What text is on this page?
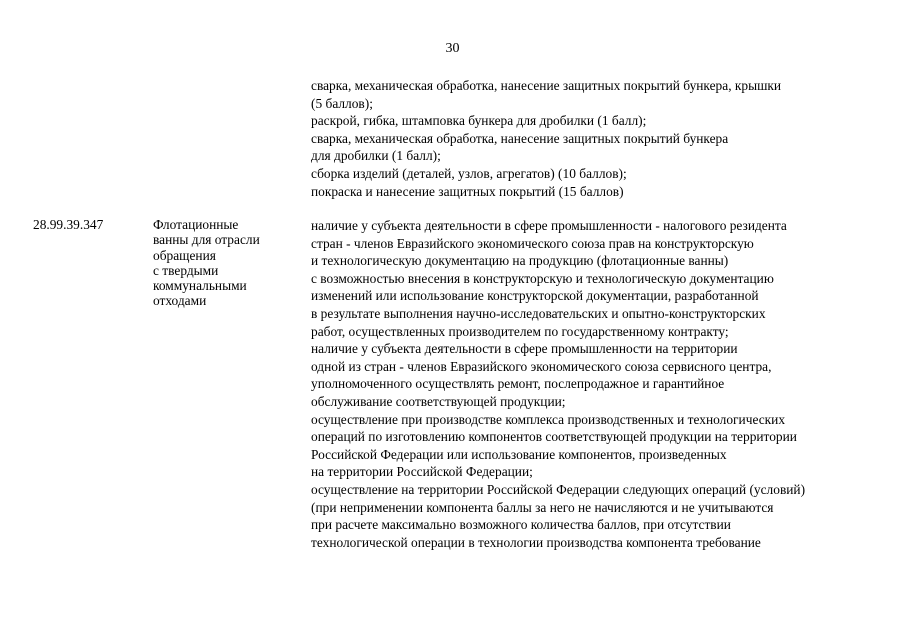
30
сварка, механическая обработка, нанесение защитных покрытий бункера, крышки
(5 баллов);
раскрой, гибка, штамповка бункера для дробилки (1 балл);
сварка, механическая обработка, нанесение защитных покрытий бункера
для дробилки (1 балл);
сборка изделий (деталей, узлов, агрегатов) (10 баллов);
покраска и нанесение защитных покрытий (15 баллов)
28.99.39.347	Флотационные
ванны для отрасли
обращения
с твердыми
коммунальными
отходами
наличие у субъекта деятельности в сфере промышленности - налогового резидента
стран - членов Евразийского экономического союза прав на конструкторскую
и технологическую документацию на продукцию (флотационные ванны)
с возможностью внесения в конструкторскую и технологическую документацию
изменений или использование конструкторской документации, разработанной
в результате выполнения научно-исследовательских и опытно-конструкторских
работ, осуществленных производителем по государственному контракту;
наличие у субъекта деятельности в сфере промышленности на территории
одной из стран - членов Евразийского экономического союза сервисного центра,
уполномоченного осуществлять ремонт, послепродажное и гарантийное
обслуживание соответствующей продукции;
осуществление при производстве комплекса производственных и технологических
операций по изготовлению компонентов соответствующей продукции на территории
Российской Федерации или использование компонентов, произведенных
на территории Российской Федерации;
осуществление на территории Российской Федерации следующих операций (условий)
(при неприменении компонента баллы за него не начисляются и не учитываются
при расчете максимально возможного количества баллов, при отсутствии
технологической операции в технологии производства компонента требование
